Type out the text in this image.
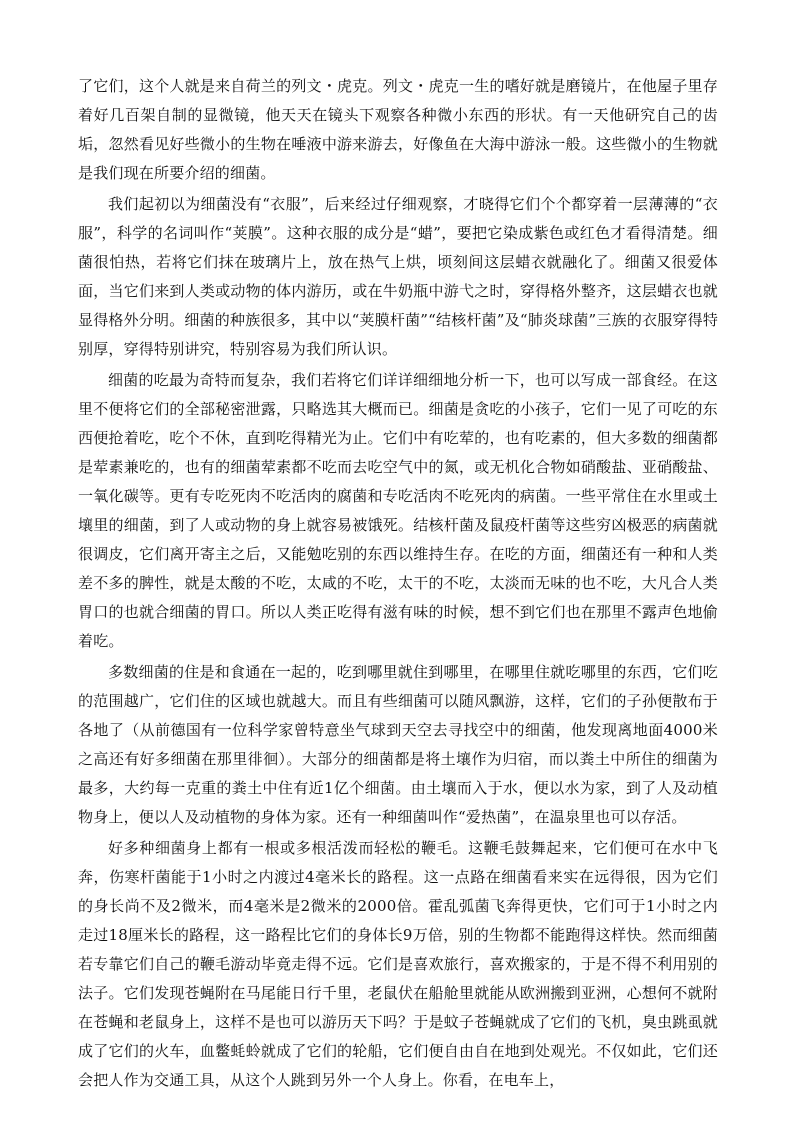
了它们，这个人就是来自荷兰的列文・虎克。列文・虎克一生的嗜好就是磨镜片，在他屋子里存着好几百架自制的显微镜，他天天在镜头下观察各种微小东西的形状。有一天他研究自己的齿垢，忽然看见好些微小的生物在唾液中游来游去，好像鱼在大海中游泳一般。这些微小的生物就是我们现在所要介绍的细菌。

我们起初以为细菌没有“衣服”，后来经过仔细观察，才晓得它们个个都穿着一层薄薄的“衣服”，科学的名词叫作“荚膜”。这种衣服的成分是“蜡”，要把它染成紫色或红色才看得清楚。细菌很怕热，若将它们抹在玻璃片上，放在热气上烘，顷刻间这层蜡衣就融化了。细菌又很爱体面，当它们来到人类或动物的体内游历，或在牛奶瓶中游弋之时，穿得格外整齐，这层蜡衣也就显得格外分明。细菌的种族很多，其中以“荚膜杆菌”“结核杆菌”及“肺炎球菌”三族的衣服穿得特别厚，穿得特别讲究，特别容易为我们所认识。

细菌的吃最为奇特而复杂，我们若将它们详详细细地分析一下，也可以写成一部食经。在这里不便将它们的全部秘密泄露，只略选其大概而已。细菌是贪吃的小孩子，它们一见了可吃的东西便抢着吃，吃个不休，直到吃得精光为止。它们中有吃荤的，也有吃素的，但大多数的细菌都是荤素兼吃的，也有的细菌荤素都不吃而去吃空气中的氮，或无机化合物如硝酸盐、亚硝酸盐、一氧化碳等。更有专吃死肉不吃活肉的腐菌和专吃活肉不吃死肉的病菌。一些平常住在水里或土壤里的细菌，到了人或动物的身上就容易被饿死。结核杆菌及鼠疫杆菌等这些穷凶极恶的病菌就很调皮，它们离开寄主之后，又能勉吃别的东西以维持生存。在吃的方面，细菌还有一种和人类差不多的脾性，就是太酸的不吃，太咸的不吃，太干的不吃，太淡而无味的也不吃，大凡合人类胃口的也就合细菌的胃口。所以人类正吃得有滋有味的时候，想不到它们也在那里不露声色地偷着吃。

多数细菌的住是和食通在一起的，吃到哪里就住到哪里，在哪里住就吃哪里的东西，它们吃的范围越广，它们住的区域也就越大。而且有些细菌可以随风飘游，这样，它们的子孙便散布于各地了（从前德国有一位科学家曾特意坐气球到天空去寻找空中的细菌，他发现离地面4000米之高还有好多细菌在那里徘徊）。大部分的细菌都是将土壤作为归宿，而以粪土中所住的细菌为最多，大约每一克重的粪土中住有近1亿个细菌。由土壤而入于水，便以水为家，到了人及动植物身上，便以人及动植物的身体为家。还有一种细菌叫作“爱热菌”，在温泉里也可以存活。

好多种细菌身上都有一根或多根活泼而轻松的鞭毛。这鞭毛鼓舞起来，它们便可在水中飞奔，伤寒杆菌能于1小时之内渡过4毫米长的路程。这一点路在细菌看来实在远得很，因为它们的身长尚不及2微米，而4毫米是2微米的2000倍。霍乱弧菌飞奔得更快，它们可于1小时之内走过18厘米长的路程，这一路程比它们的身体长9万倍，别的生物都不能跑得这样快。然而细菌若专靠它们自己的鞭毛游动毕竟走得不远。它们是喜欢旅行，喜欢搬家的，于是不得不利用别的法子。它们发现苍蝇附在马尾能日行千里，老鼠伏在船舱里就能从欧洲搬到亚洲，心想何不就附在苍蝇和老鼠身上，这样不是也可以游历天下吗？于是蚊子苍蝇就成了它们的飞机，臭虫跳虱就成了它们的火车，血鳖蚝蛉就成了它们的轮船，它们便自由自在地到处观光。不仅如此，它们还会把人作为交通工具，从这个人跳到另外一个人身上。你看，在电车上，
